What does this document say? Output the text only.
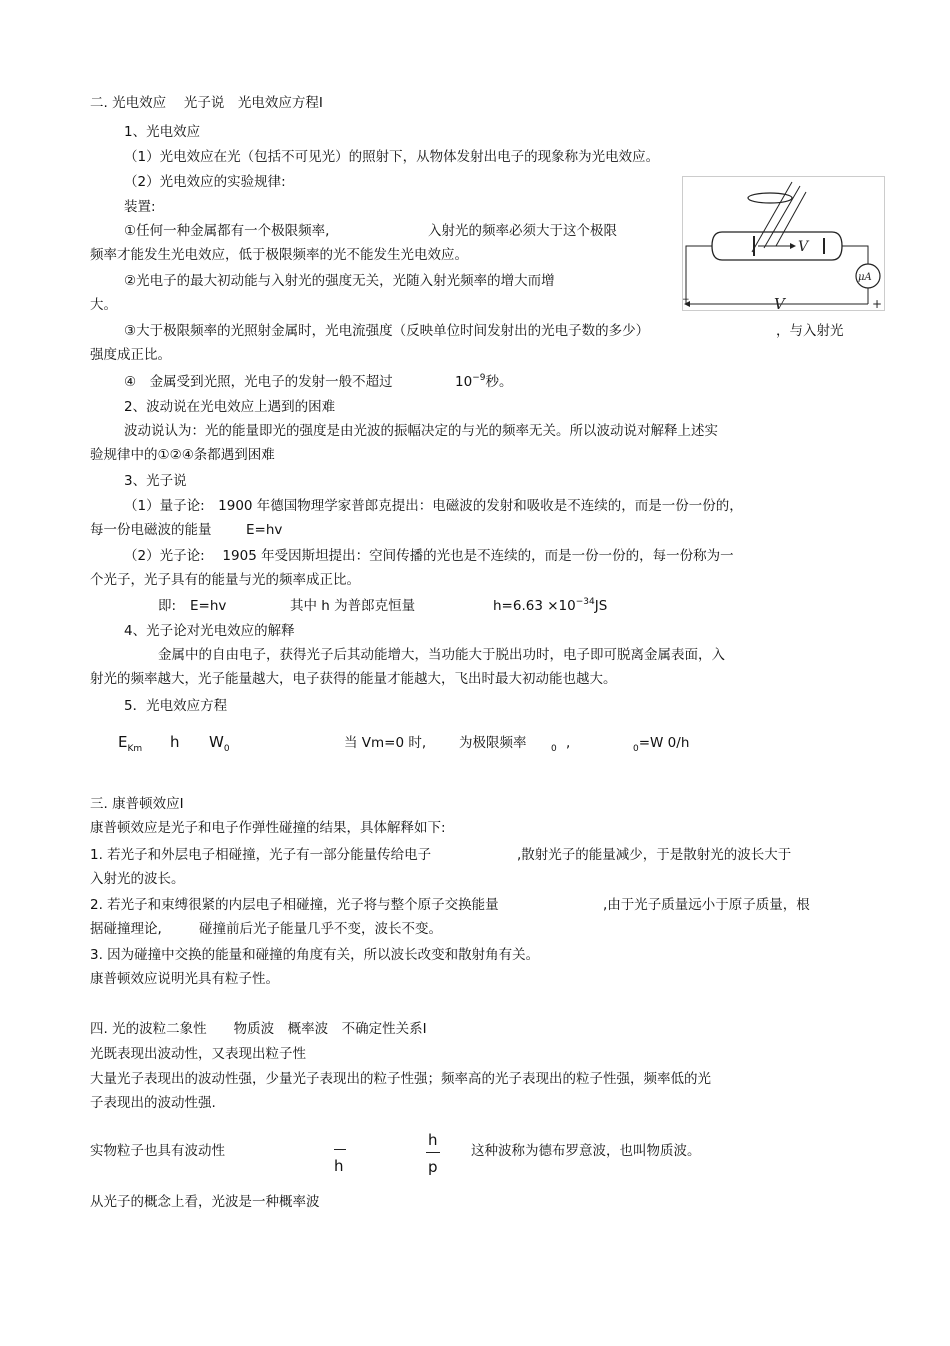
二. 光电效应　 光子说　光电效应方程Ⅰ
1、光电效应
（1）光电效应在光（包括不可见光）的照射下，从物体发射出电子的现象称为光电效应。
（2）光电效应的实验规律:
装置:
①任何一种金属都有一个极限频率,	入射光的频率必须大于这个极限
频率才能发生光电效应，低于极限频率的光不能发生光电效应。
②光电子的最大初动能与入射光的强度无关，光随入射光频率的增大而增
大。
③大于极限频率的光照射金属时，光电流强度（反映单位时间发射出的光电子数的多少）	，与入射光
强度成正比。
④　金属受到光照，光电子的发射一般不超过	$10^{-9}$秒。
2、波动说在光电效应上遇到的困难
波动说认为：光的能量即光的强度是由光波的振幅决定的与光的频率无关。所以波动说对解释上述实
验规律中的①②④条都遇到困难
3、光子说
（1）量子论:　1900 年德国物理学家普郎克提出：电磁波的发射和吸收是不连续的，而是一份一份的，
每一份电磁波的能量	E=hv
（2）光子论:　 1905 年受因斯坦提出：空间传播的光也是不连续的，而是一份一份的，每一份称为一
个光子，光子具有的能量与光的频率成正比。
即: E=hv	其中 h 为普郎克恒量	$h=6.63 \times 10^{-34}JS$
4、光子论对光电效应的解释
金属中的自由电子，获得光子后其动能增大，当功能大于脱出功时，电子即可脱离金属表面，入
射光的频率越大，光子能量越大，电子获得的能量才能越大，飞出时最大初动能也越大。
5．光电效应方程
$E_{Km}$ h $W_0$	当 Vm=0 时, 为极限频率	$_0$ ,	$_0$=W 0/h
三. 康普顿效应Ⅰ
康普顿效应是光子和电子作弹性碰撞的结果，具体解释如下:
1. 若光子和外层电子相碰撞，光子有一部分能量传给电子	,散射光子的能量减少，于是散射光的波长大于
入射光的波长。
2. 若光子和束缚很紧的内层电子相碰撞，光子将与整个原子交换能量	,由于光子质量远小于原子质量，根
据碰撞理论,	碰撞前后光子能量几乎不变，波长不变。
3. 因为碰撞中交换的能量和碰撞的角度有关，所以波长改变和散射角有关。
康普顿效应说明光具有粒子性。
四. 光的波粒二象性　　物质波　概率波　不确定性关系Ⅰ
光既表现出波动性，又表现出粒子性
大量光子表现出的波动性强，少量光子表现出的粒子性强；频率高的光子表现出的粒子性强，频率低的光
子表现出的波动性强.
实物粒子也具有波动性
h
h
p
这种波称为德布罗意波，也叫物质波。
从光子的概念上看，光波是一种概率波
V
μA
V
−	+
